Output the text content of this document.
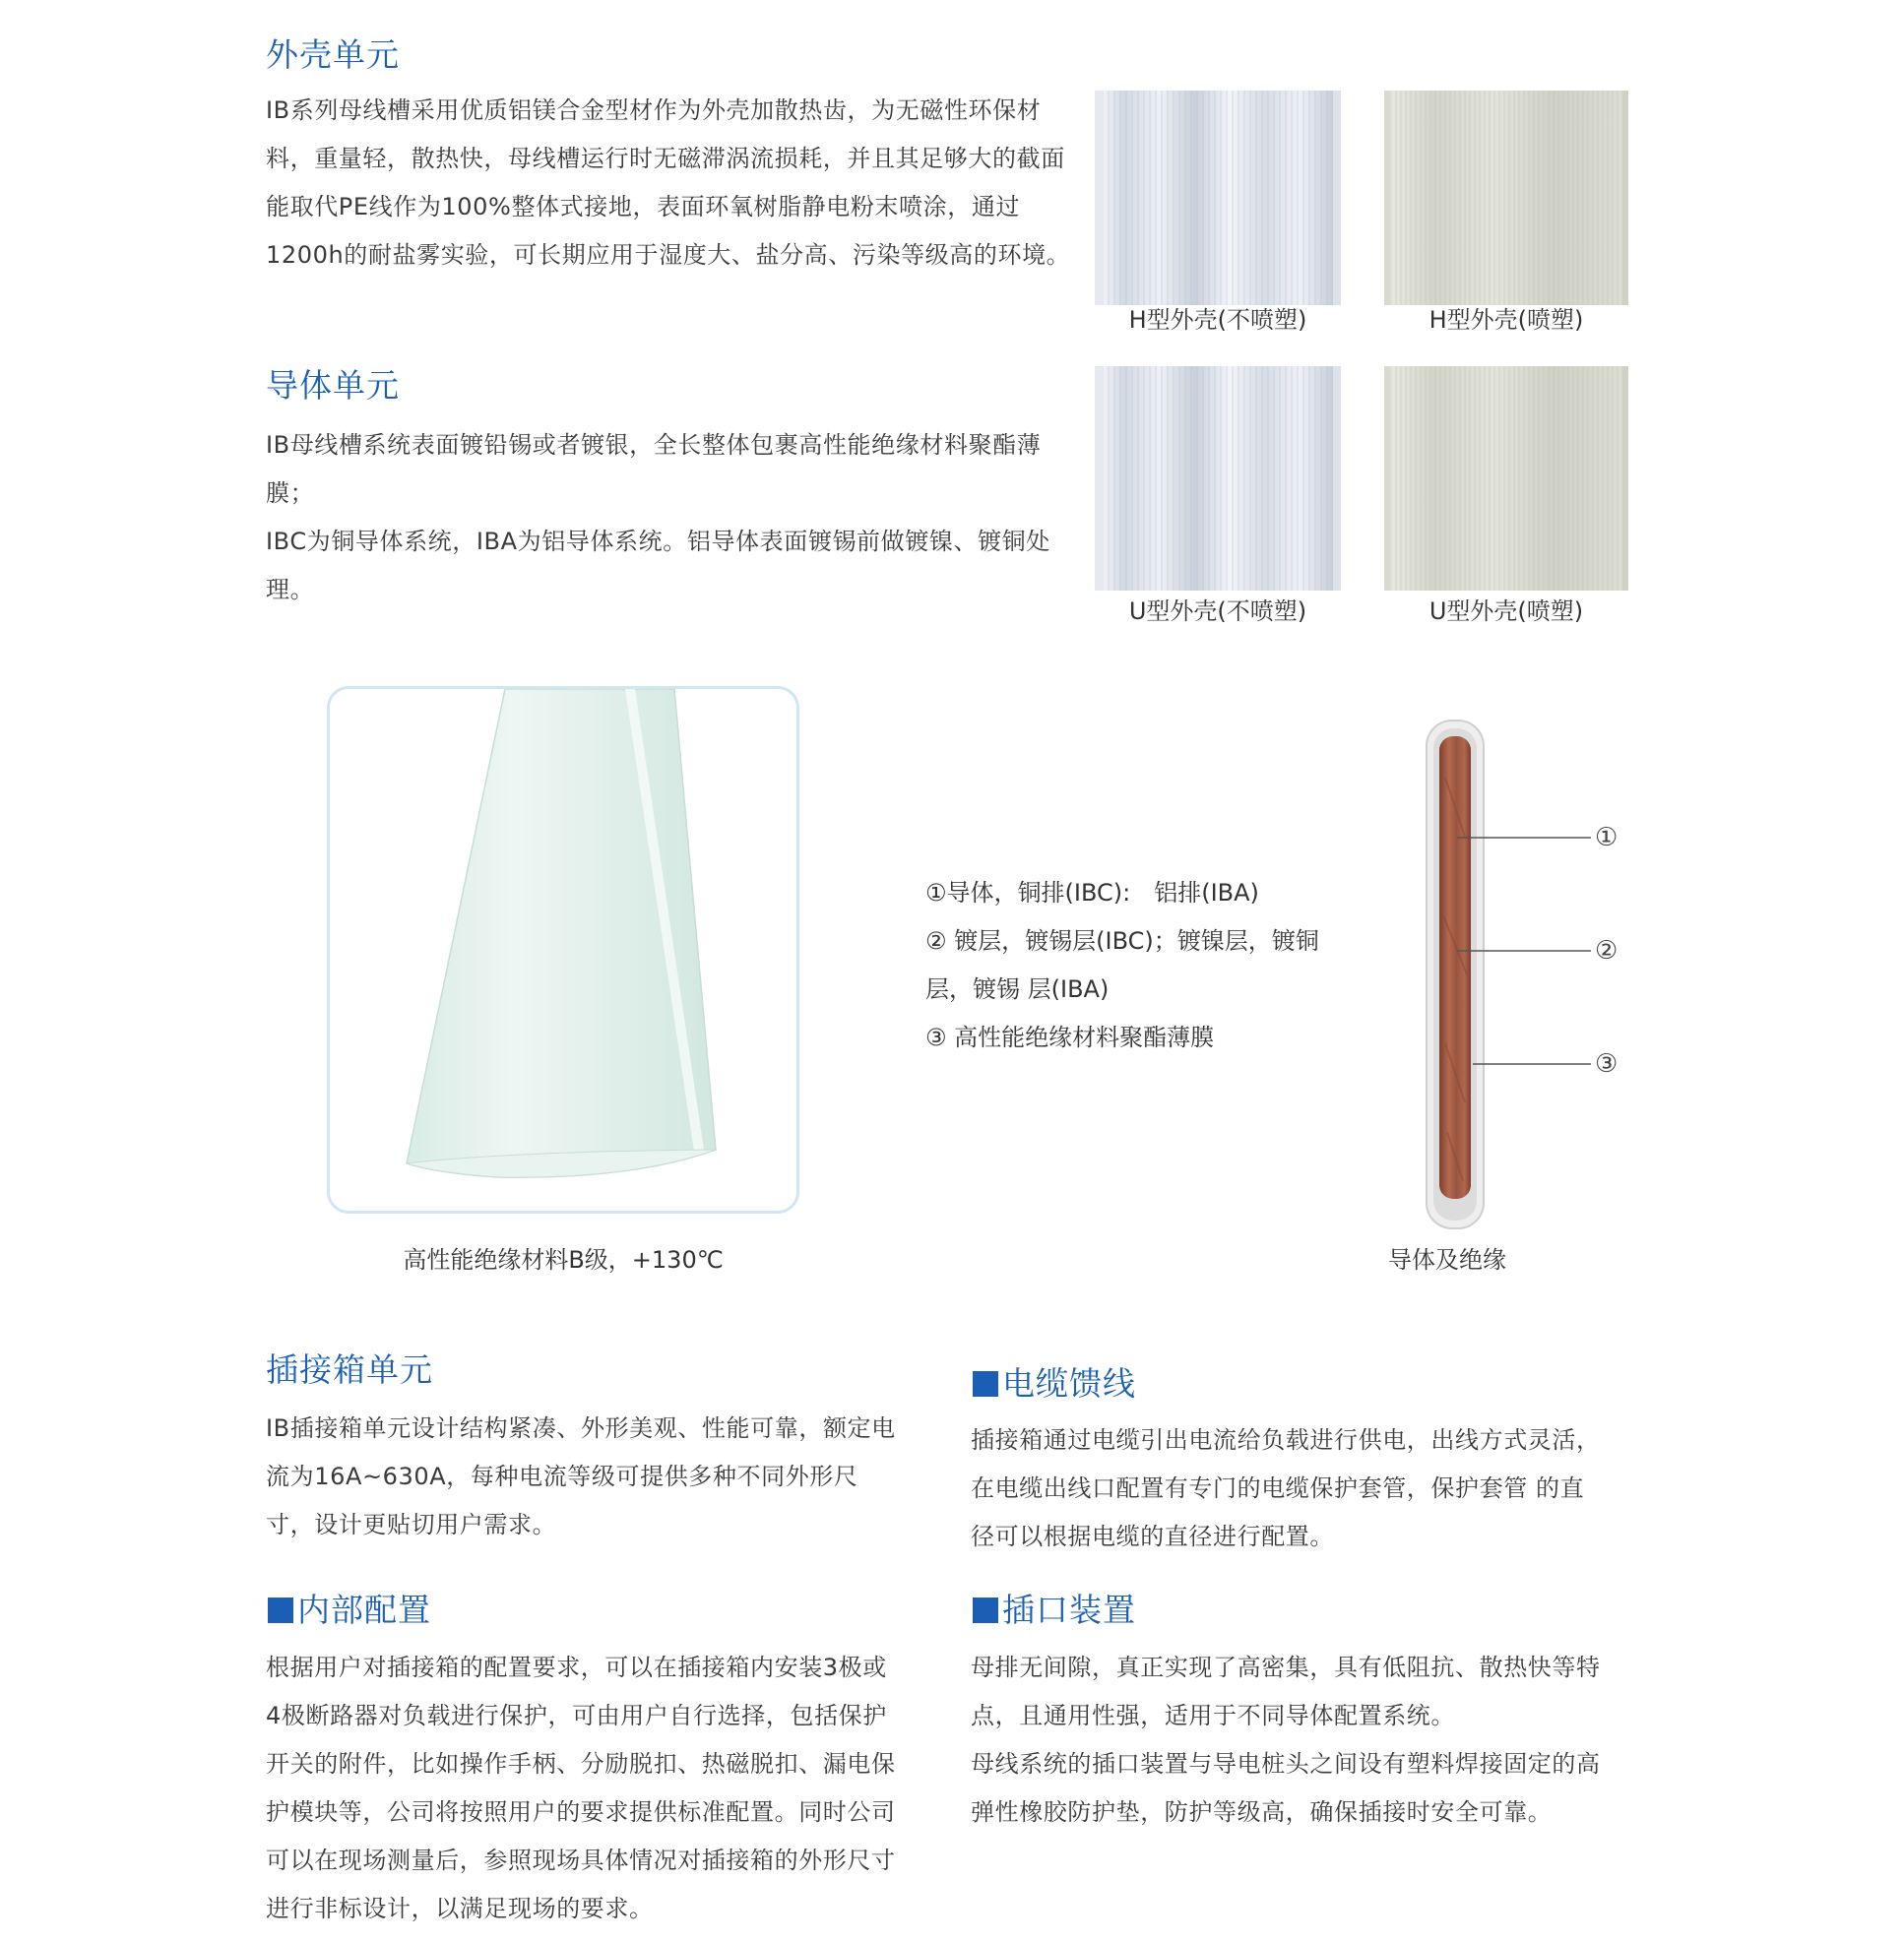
外壳单元
IB系列母线槽采用优质铝镁合金型材作为外壳加散热齿，为无磁性环保材料，重量轻，散热快，母线槽运行时无磁滞涡流损耗，并且其足够大的截面能取代PE线作为100%整体式接地，表面环氧树脂静电粉末喷涂，通过1200h的耐盐雾实验，可长期应用于湿度大、盐分高、污染等级高的环境。
H型外壳(不喷塑)	H型外壳(喷塑)
U型外壳(不喷塑)	U型外壳(喷塑)
导体单元

IB母线槽系统表面镀铅锡或者镀银，全长整体包裹高性能绝缘材料聚酯薄膜；

IBC为铜导体系统，IBA为铝导体系统。铝导体表面镀锡前做镀镍、镀铜处理。

高性能绝缘材料B级，+130℃

①导体，铜排(IBC):　铝排(IBA)

② 镀层，镀锡层(IBC)；镀镍层，镀铜层，镀锡 层(IBA)

③ 高性能绝缘材料聚酯薄膜

①
②
③
导体及绝缘
插接箱单元
IB插接箱单元设计结构紧凑、外形美观、性能可靠，额定电流为16A~630A，每种电流等级可提供多种不同外形尺 寸，设计更贴切用户需求。
内部配置
根据用户对插接箱的配置要求，可以在插接箱内安装3极或4极断路器对负载进行保护，可由用户自行选择，包括保护开关的附件，比如操作手柄、分励脱扣、热磁脱扣、漏电保护模块等，公司将按照用户的要求提供标准配置。同时公司可以在现场测量后，参照现场具体情况对插接箱的外形尺寸进行非标设计，以满足现场的要求。
电缆馈线
插接箱通过电缆引出电流给负载进行供电，出线方式灵活，在电缆出线口配置有专门的电缆保护套管，保护套管 的直径可以根据电缆的直径进行配置。
插口装置

母排无间隙，真正实现了高密集，具有低阻抗、散热快等特点，且通用性强，适用于不同导体配置系统。

母线系统的插口装置与导电桩头之间设有塑料焊接固定的高弹性橡胶防护垫，防护等级高，确保插接时安全可靠。
